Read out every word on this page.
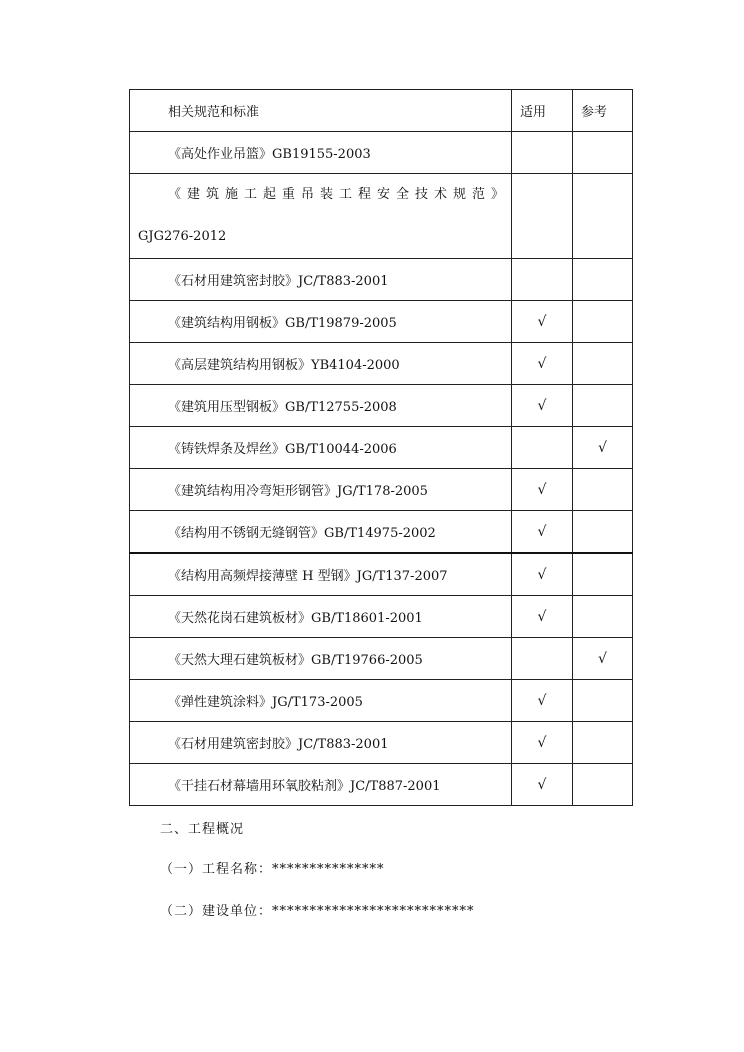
相关规范和标准	适用	参考
《高处作业吊篮》GB19155-2003		

《建筑施工起重吊装工程安全技术规范》
GJG276-2012		

《石材用建筑密封胶》JC/T883-2001		
《建筑结构用钢板》GB/T19879-2005	√	
《高层建筑结构用钢板》YB4104-2000	√	
《建筑用压型钢板》GB/T12755-2008	√	
《铸铁焊条及焊丝》GB/T10044-2006		√
《建筑结构用冷弯矩形钢管》JG/T178-2005	√	
《结构用不锈钢无缝钢管》GB/T14975-2002	√	
《结构用高频焊接薄壁 H 型钢》JG/T137-2007	√	
《天然花岗石建筑板材》GB/T18601-2001	√	
《天然大理石建筑板材》GB/T19766-2005		√
《弹性建筑涂料》JG/T173-2005	√	
《石材用建筑密封胶》JC/T883-2001	√	
《干挂石材幕墙用环氧胶粘剂》JC/T887-2001	√	
二、工程概况
（一）工程名称：***************
（二）建设单位：***************************
